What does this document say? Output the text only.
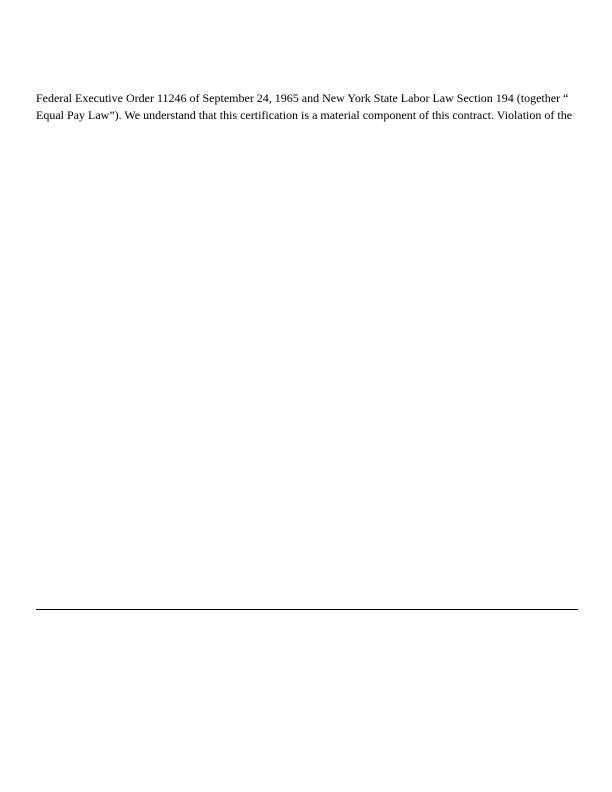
Federal Executive Order 11246 of September 24, 1965 and New York State Labor Law Section 194 (together “
Equal Pay Law”). We understand that this certification is a material component of this contract. Violation of the
